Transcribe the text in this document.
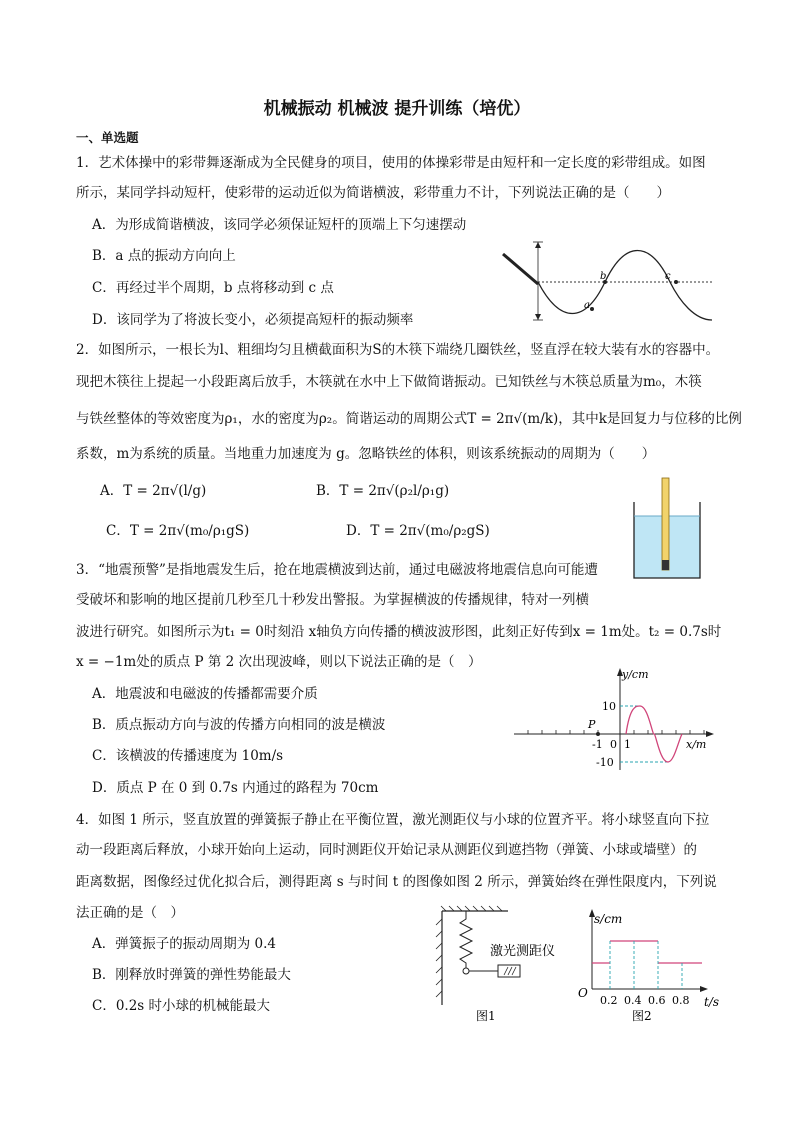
机械振动 机械波 提升训练（培优）
一、单选题
1．艺术体操中的彩带舞逐渐成为全民健身的项目，使用的体操彩带是由短杆和一定长度的彩带组成。如图
所示，某同学抖动短杆，使彩带的运动近似为简谐横波，彩带重力不计，下列说法正确的是（　　）
A．为形成简谐横波，该同学必须保证短杆的顶端上下匀速摆动
B．a 点的振动方向向上
C．再经过半个周期，b 点将移动到 c 点
D．该同学为了将波长变小，必须提高短杆的振动频率
a
b	c
2．如图所示，一根长为l、粗细均匀且横截面积为S的木筷下端绕几圈铁丝，竖直浮在较大装有水的容器中。
现把木筷往上提起一小段距离后放手，木筷就在水中上下做简谐振动。已知铁丝与木筷总质量为m₀，木筷
与铁丝整体的等效密度为ρ₁，水的密度为ρ₂。简谐运动的周期公式T = 2π√(m/k)，其中k是回复力与位移的比例
系数，m为系统的质量。当地重力加速度为 g。忽略铁丝的体积，则该系统振动的周期为（　　）
A．T = 2π√(l/g)	B．T = 2π√(ρ₂l/ρ₁g)
C．T = 2π√(m₀/ρ₁gS)	D．T = 2π√(m₀/ρ₂gS)
3．“地震预警”是指地震发生后，抢在地震横波到达前，通过电磁波将地震信息向可能遭
受破坏和影响的地区提前几秒至几十秒发出警报。为掌握横波的传播规律，特对一列横
波进行研究。如图所示为t₁ = 0时刻沿 x轴负方向传播的横波波形图，此刻正好传到x = 1m处。t₂ = 0.7s时
x = −1m处的质点 P 第 2 次出现波峰，则以下说法正确的是（　）
A．地震波和电磁波的传播都需要介质
B．质点振动方向与波的传播方向相同的波是横波
C．该横波的传播速度为 10m/s
D．质点 P 在 0 到 0.7s 内通过的路程为 70cm
y/cm
x/m
10
-10
P
-1 0 1
4．如图 1 所示，竖直放置的弹簧振子静止在平衡位置，激光测距仪与小球的位置齐平。将小球竖直向下拉
动一段距离后释放，小球开始向上运动，同时测距仪开始记录从测距仪到遮挡物（弹簧、小球或墙壁）的
距离数据，图像经过优化拟合后，测得距离 s 与时间 t 的图像如图 2 所示，弹簧始终在弹性限度内，下列说
法正确的是（　）
A．弹簧振子的振动周期为 0.4
B．刚释放时弹簧的弹性势能最大
C．0.2s 时小球的机械能最大
激光测距仪
图1
s/cm
O
0.2 0.4 0.6 0.8 t/s
图2
